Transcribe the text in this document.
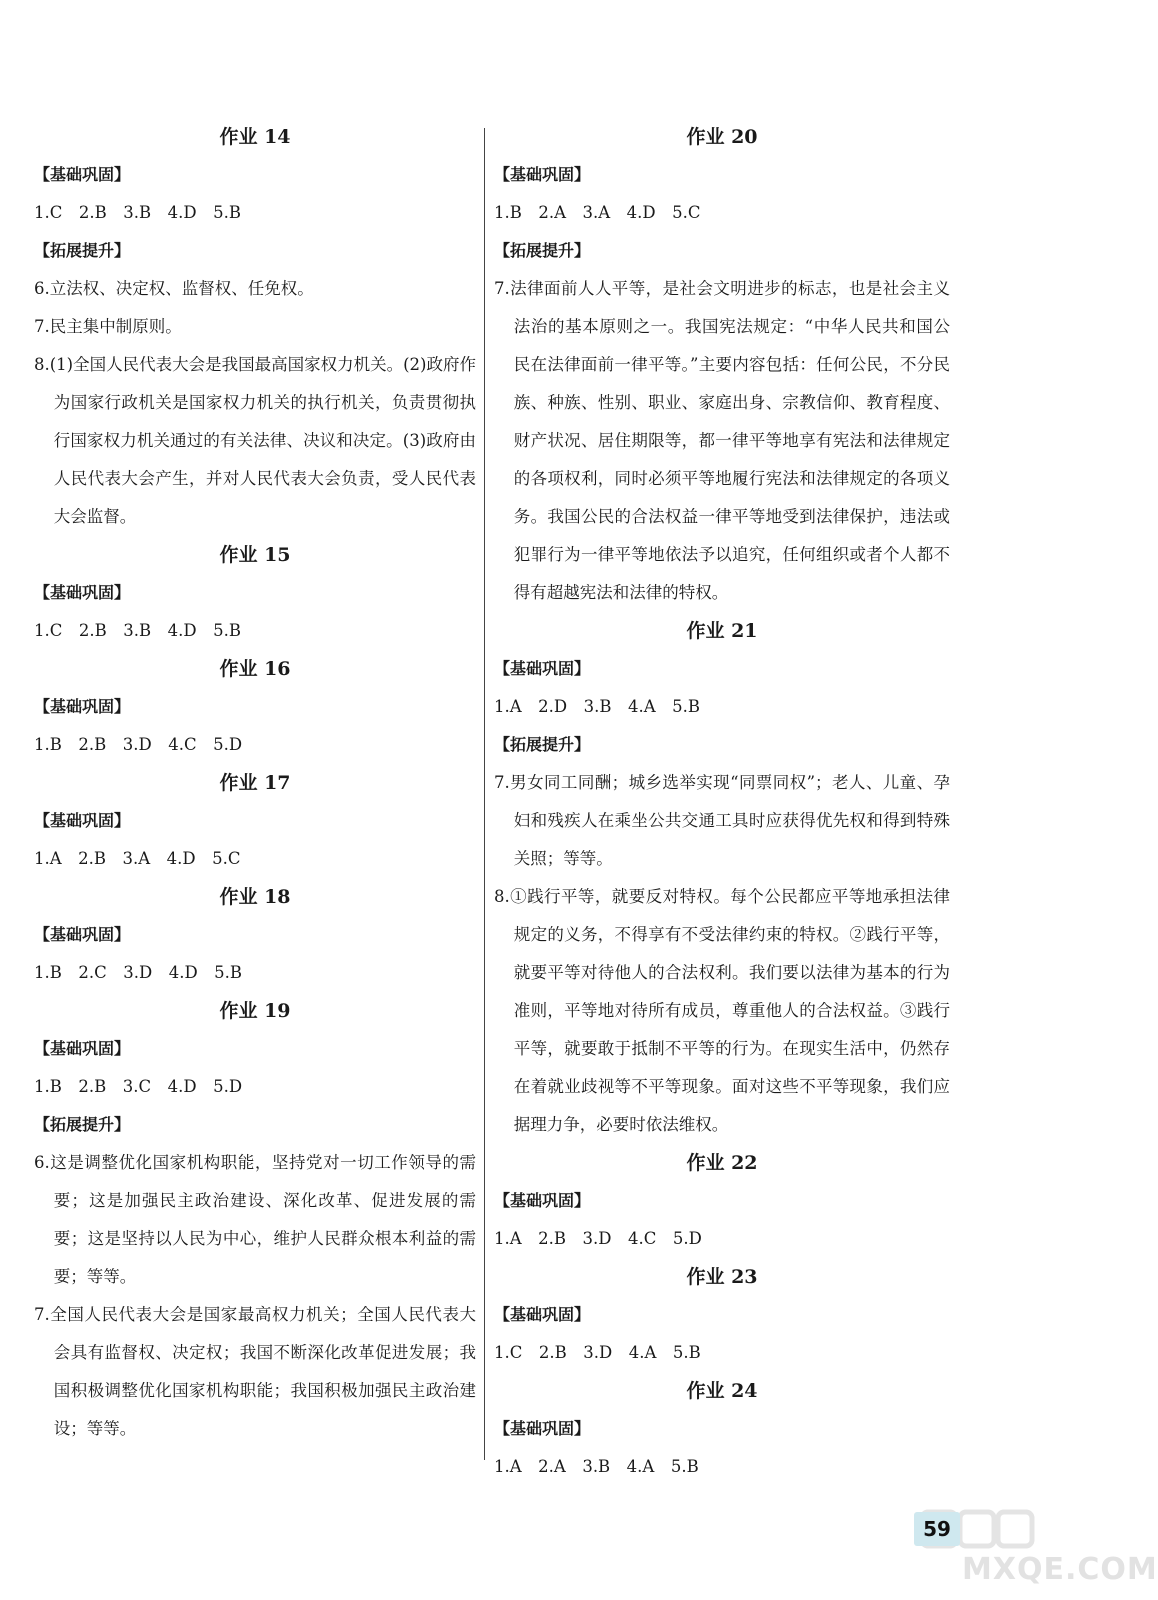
作业 14
【基础巩固】
1.C　2.B　3.B　4.D　5.B
【拓展提升】
6.立法权、决定权、监督权、任免权。
7.民主集中制原则。
8.(1)全国人民代表大会是我国最高国家权力机关。(2)政府作为国家行政机关是国家权力机关的执行机关，负责贯彻执行国家权力机关通过的有关法律、决议和决定。(3)政府由人民代表大会产生，并对人民代表大会负责，受人民代表大会监督。
作业 15
【基础巩固】
1.C　2.B　3.B　4.D　5.B
作业 16
【基础巩固】
1.B　2.B　3.D　4.C　5.D
作业 17
【基础巩固】
1.A　2.B　3.A　4.D　5.C
作业 18
【基础巩固】
1.B　2.C　3.D　4.D　5.B
作业 19
【基础巩固】
1.B　2.B　3.C　4.D　5.D
【拓展提升】
6.这是调整优化国家机构职能，坚持党对一切工作领导的需要；这是加强民主政治建设、深化改革、促进发展的需要；这是坚持以人民为中心，维护人民群众根本利益的需要；等等。
7.全国人民代表大会是国家最高权力机关；全国人民代表大会具有监督权、决定权；我国不断深化改革促进发展；我国积极调整优化国家机构职能；我国积极加强民主政治建设；等等。
作业 20
【基础巩固】
1.B　2.A　3.A　4.D　5.C
【拓展提升】
7.法律面前人人平等，是社会文明进步的标志，也是社会主义法治的基本原则之一。我国宪法规定：“中华人民共和国公民在法律面前一律平等。”主要内容包括：任何公民，不分民族、种族、性别、职业、家庭出身、宗教信仰、教育程度、财产状况、居住期限等，都一律平等地享有宪法和法律规定的各项权利，同时必须平等地履行宪法和法律规定的各项义务。我国公民的合法权益一律平等地受到法律保护，违法或犯罪行为一律平等地依法予以追究，任何组织或者个人都不得有超越宪法和法律的特权。
作业 21
【基础巩固】
1.A　2.D　3.B　4.A　5.B
【拓展提升】
7.男女同工同酬；城乡选举实现“同票同权”；老人、儿童、孕妇和残疾人在乘坐公共交通工具时应获得优先权和得到特殊关照；等等。
8.①践行平等，就要反对特权。每个公民都应平等地承担法律规定的义务，不得享有不受法律约束的特权。②践行平等，就要平等对待他人的合法权利。我们要以法律为基本的行为准则，平等地对待所有成员，尊重他人的合法权益。③践行平等，就要敢于抵制不平等的行为。在现实生活中，仍然存在着就业歧视等不平等现象。面对这些不平等现象，我们应据理力争，必要时依法维权。
作业 22
【基础巩固】
1.A　2.B　3.D　4.C　5.D
作业 23
【基础巩固】
1.C　2.B　3.D　4.A　5.B
作业 24
【基础巩固】
1.A　2.A　3.B　4.A　5.B
59
MXQE.COM
